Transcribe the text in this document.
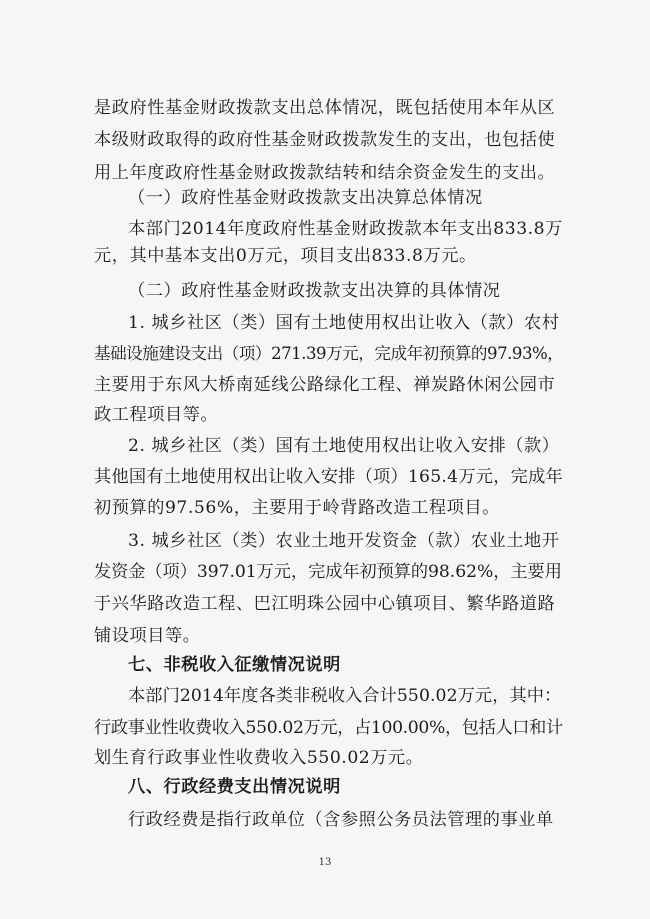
是政府性基金财政拨款支出总体情况，既包括使用本年从区
本级财政取得的政府性基金财政拨款发生的支出，也包括使
用上年度政府性基金财政拨款结转和结余资金发生的支出。
（一）政府性基金财政拨款支出决算总体情况
本部门2014年度政府性基金财政拨款本年支出833.8万
元，其中基本支出0万元，项目支出833.8万元。
（二）政府性基金财政拨款支出决算的具体情况
1. 城乡社区（类）国有土地使用权出让收入（款）农村
基础设施建设支出（项）271.39万元，完成年初预算的97.93%，
主要用于东风大桥南延线公路绿化工程、禅炭路休闲公园市
政工程项目等。
2. 城乡社区（类）国有土地使用权出让收入安排（款）
其他国有土地使用权出让收入安排（项）165.4万元，完成年
初预算的97.56%，主要用于岭背路改造工程项目。
3. 城乡社区（类）农业土地开发资金（款）农业土地开
发资金（项）397.01万元，完成年初预算的98.62%，主要用
于兴华路改造工程、巴江明珠公园中心镇项目、繁华路道路
铺设项目等。
七、非税收入征缴情况说明
本部门2014年度各类非税收入合计550.02万元，其中：
行政事业性收费收入550.02万元，占100.00%，包括人口和计
划生育行政事业性收费收入550.02万元。
八、行政经费支出情况说明
行政经费是指行政单位（含参照公务员法管理的事业单
13
